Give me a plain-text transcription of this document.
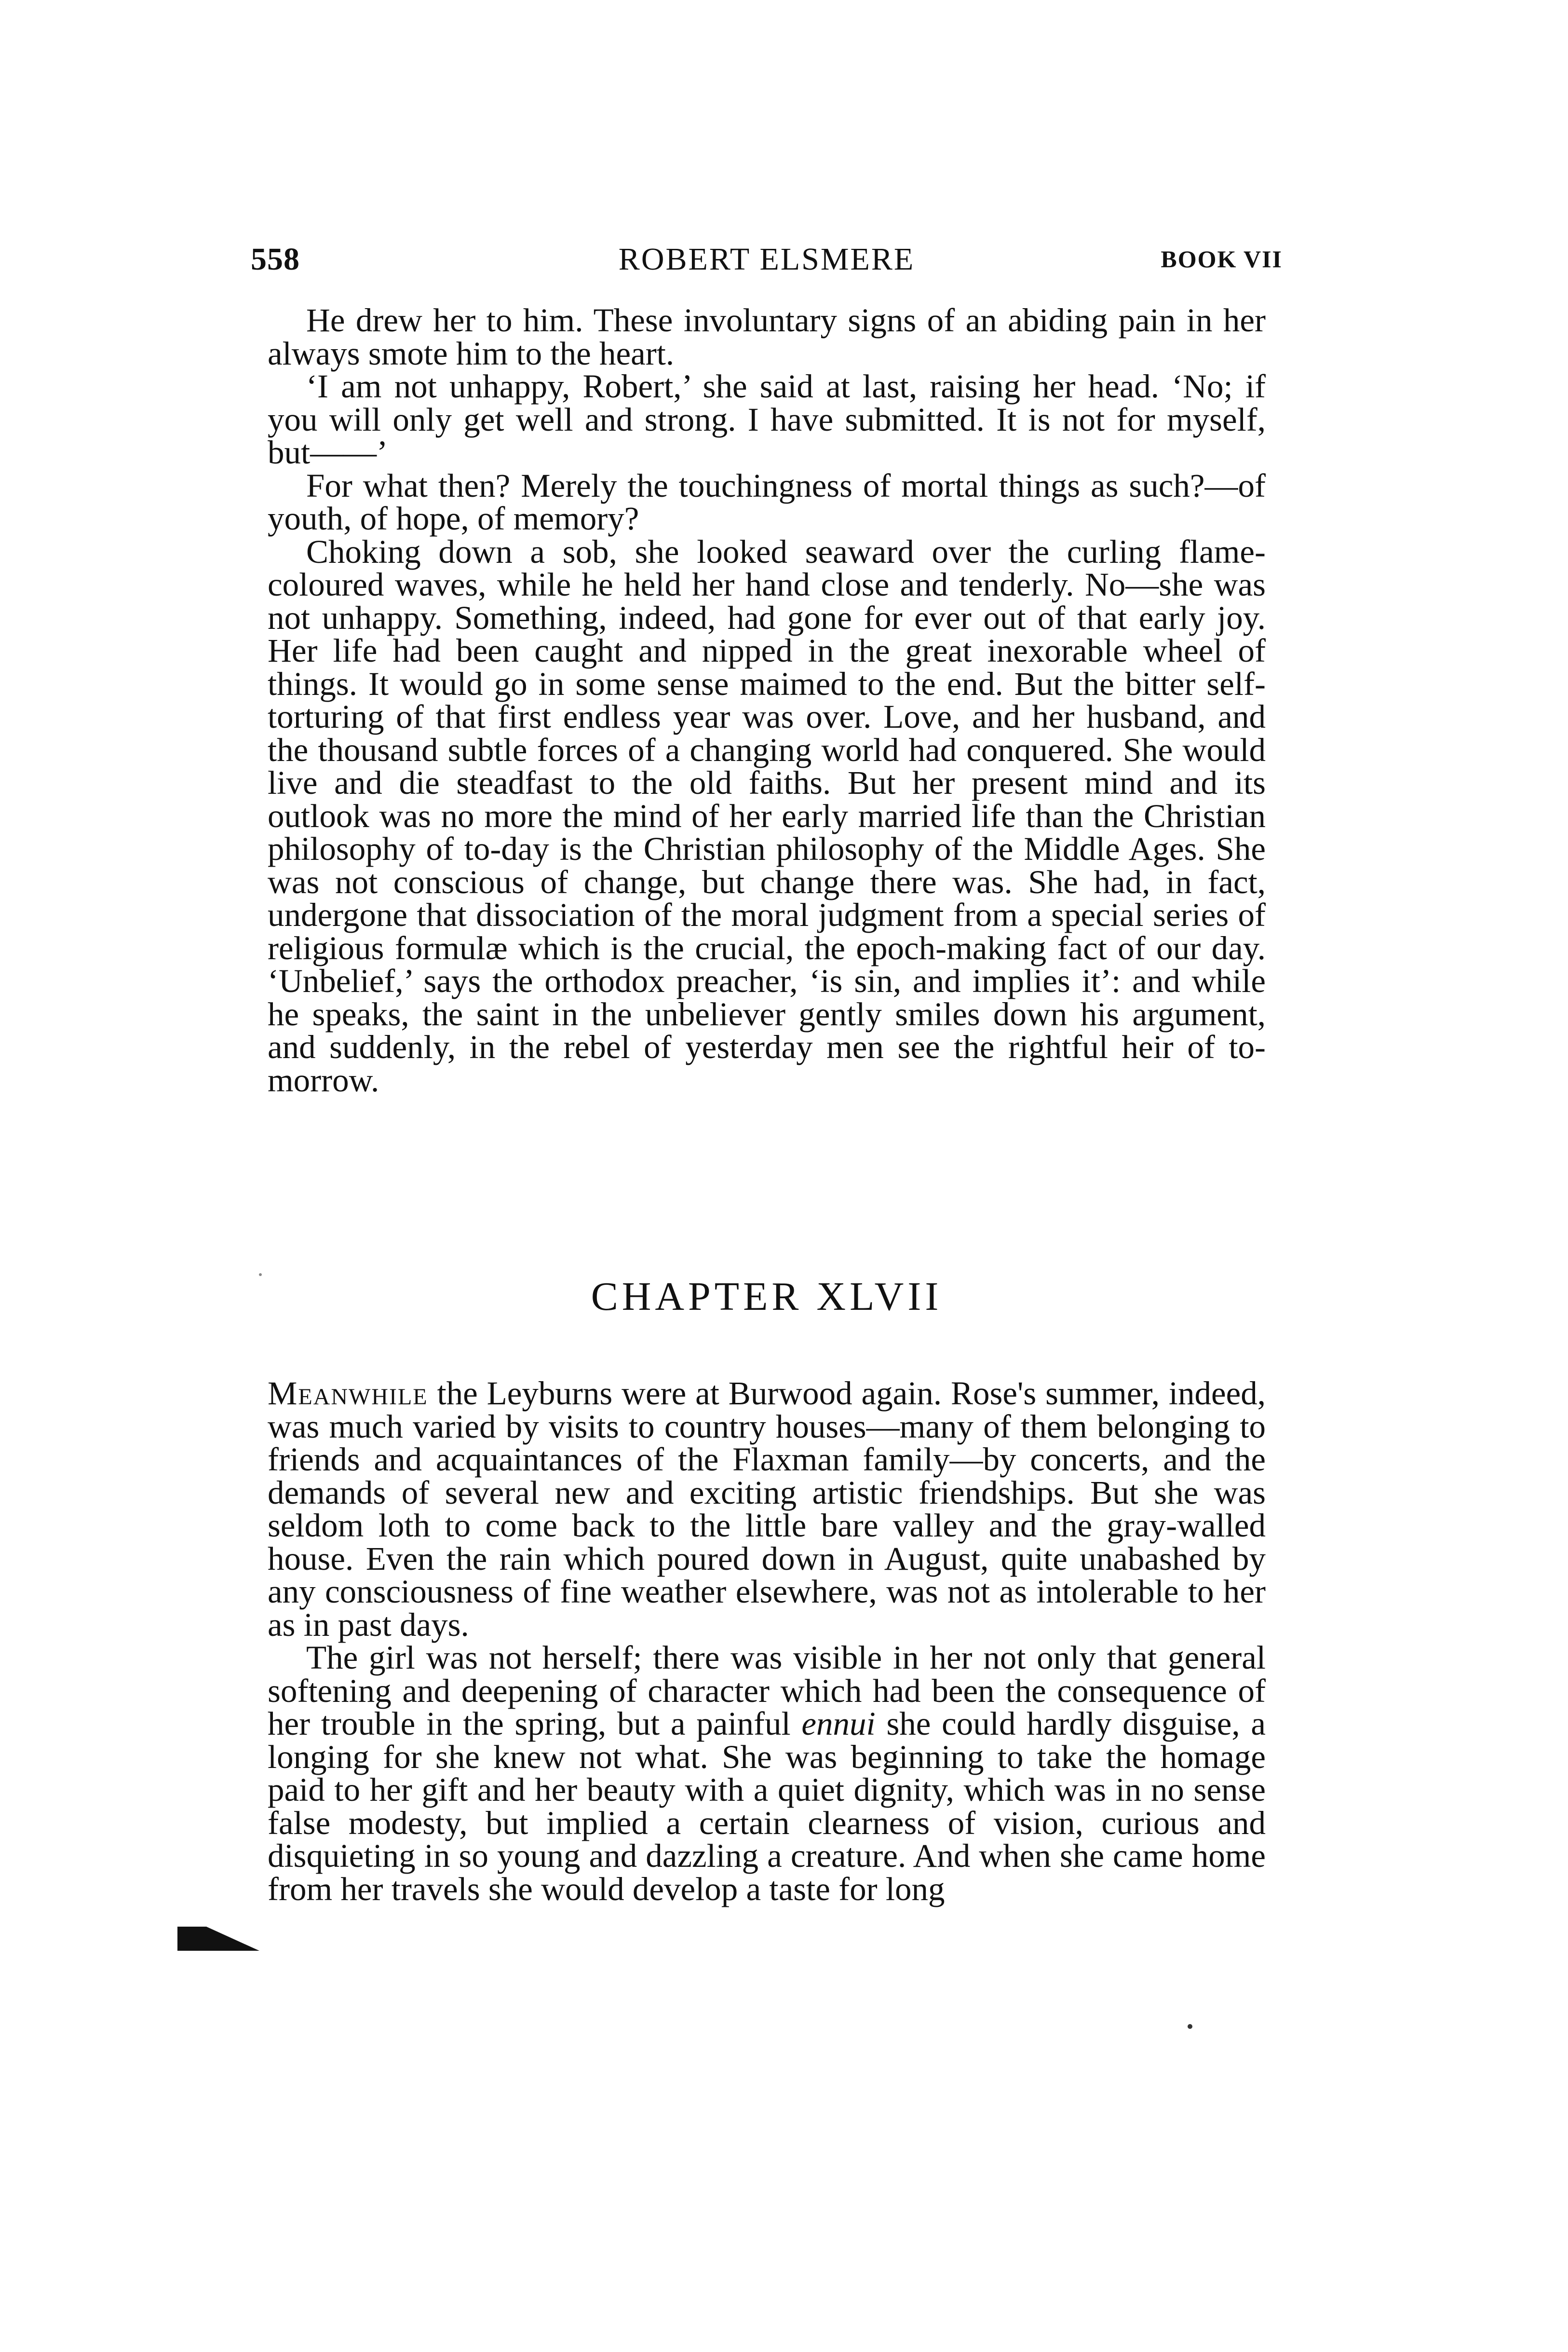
558	ROBERT ELSMERE	BOOK VII

He drew her to him. These involuntary signs of an abiding pain in her always smote him to the heart.

‘I am not unhappy, Robert,’ she said at last, raising her head. ‘No; if you will only get well and strong. I have submitted. It is not for myself, but——’

For what then? Merely the touchingness of mortal things as such?—of youth, of hope, of memory?

Choking down a sob, she looked seaward over the curling flame-coloured waves, while he held her hand close and tenderly. No—she was not unhappy. Something, indeed, had gone for ever out of that early joy. Her life had been caught and nipped in the great inexorable wheel of things. It would go in some sense maimed to the end. But the bitter self-torturing of that first endless year was over. Love, and her husband, and the thousand subtle forces of a changing world had conquered. She would live and die steadfast to the old faiths. But her present mind and its outlook was no more the mind of her early married life than the Christian philosophy of to-day is the Christian philosophy of the Middle Ages. She was not conscious of change, but change there was. She had, in fact, undergone that dissociation of the moral judgment from a special series of religious formulæ which is the crucial, the epoch-making fact of our day. ‘Unbelief,’ says the orthodox preacher, ‘is sin, and implies it’: and while he speaks, the saint in the unbeliever gently smiles down his argument, and suddenly, in the rebel of yesterday men see the rightful heir of to-morrow.

CHAPTER XLVII

Meanwhile the Leyburns were at Burwood again. Rose's summer, indeed, was much varied by visits to country houses—many of them belonging to friends and acquaintances of the Flaxman family—by concerts, and the demands of several new and exciting artistic friendships. But she was seldom loth to come back to the little bare valley and the gray-walled house. Even the rain which poured down in August, quite unabashed by any consciousness of fine weather elsewhere, was not as intolerable to her as in past days.

The girl was not herself; there was visible in her not only that general softening and deepening of character which had been the consequence of her trouble in the spring, but a painful ennui she could hardly disguise, a longing for she knew not what. She was beginning to take the homage paid to her gift and her beauty with a quiet dignity, which was in no sense false modesty, but implied a certain clearness of vision, curious and disquieting in so young and dazzling a creature. And when she came home from her travels she would develop a taste for long
